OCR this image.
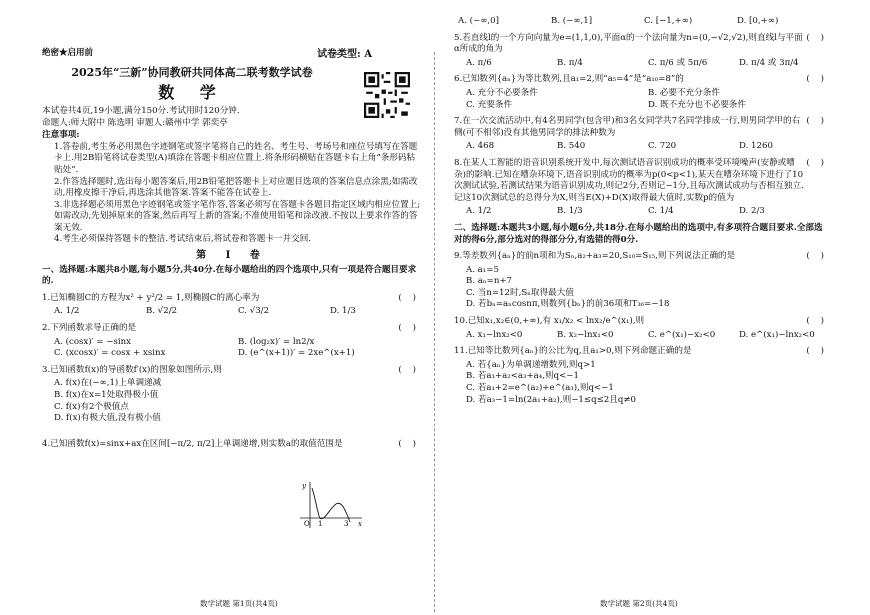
绝密★启用前	试卷类型: A
2025年“三新”协同教研共同体高二联考数学试卷
数 学
本试卷共4页,19小题,满分150分.考试用时120分钟.
命题人:师大附中 陈选明 审题人:赣州中学 郭奕亭
注意事项:
1.答卷前,考生务必用黑色字迹钢笔或签字笔将自己的姓名、考生号、考场号和座位号填写在答题卡上.用2B铅笔将试卷类型(A)填涂在答题卡相应位置上.将条形码横贴在答题卡右上角“条形码粘贴处”.
2.作答选择题时,选出每小题答案后,用2B铅笔把答题卡上对应题目选项的答案信息点涂黑;如需改动,用橡皮擦干净后,再选涂其他答案.答案不能答在试卷上.
3.非选择题必须用黑色字迹钢笔或签字笔作答,答案必须写在答题卡各题目指定区域内相应位置上;如需改动,先划掉原来的答案,然后再写上新的答案;不准使用铅笔和涂改液.不按以上要求作答的答案无效.
4.考生必须保持答题卡的整洁.考试结束后,将试卷和答题卡一并交回.
第 Ⅰ 卷
一、选择题:本题共8小题,每小题5分,共40分.在每小题给出的四个选项中,只有一项是符合题目要求的.
1.已知椭圆C的方程为x² + y²/2 = 1,则椭圆C的离心率为	(    )
A. 1/2	B. √2/2	C. √3/2	D. 1/3
2.下列函数求导正确的是	(    )
A. (cosx)′ = −sinx	B. (log₂x)′ = ln2/x
C. (xcosx)′ = cosx + xsinx	D. (e^(x+1))′ = 2xe^(x+1)
3.已知函数f(x)的导函数f′(x)的图象如图所示,则	(    )
A. f(x)在(−∞,1)上单调递减
B. f(x)在x=1处取得极小值
C. f(x)有2个极值点
D. f(x)有极大值,没有极小值
4.已知函数f(x)=sinx+ax在区间[−π/2, π/2]上单调递增,则实数a的取值范围是	(    )
数学试题 第1页(共4页)
y
O 1	3 x
A. (−∞,0]	B. (−∞,1]	C. [−1,+∞)	D. [0,+∞)
5.若直线l的一个方向向量为e=(1,1,0),平面α的一个法向量为n=(0,−√2,√2),则直线l与平面α所成的角为
(    )
A. π/6	B. π/4	C. π/6 或 5π/6	D. π/4 或 3π/4
6.已知数列{aₙ}为等比数列,且a₁=2,则“a₅=4”是“a₁₀=8”的	(    )
A. 充分不必要条件	B. 必要不充分条件
C. 充要条件	D. 既不充分也不必要条件
7.在一次交流活动中,有4名男同学(包含甲)和3名女同学共7名同学排成一行,则男同学甲的右侧(可不相邻)没有其他男同学的排法种数为
(    )
A. 468	B. 540	C. 720	D. 1260
8.在某人工智能的语音识别系统开发中,每次测试语音识别成功的概率受环境噪声(安静或嘈杂)的影响.已知在嘈杂环境下,语音识别成功的概率为p(0<p<1),某天在嘈杂环境下进行了10次测试试验,若测试结果为语音识别成功,则记2分,否则记−1分,且每次测试成功与否相互独立.记这10次测试总的总得分为X,则当E(X)+D(X)取得最大值时,实数p的值为
(    )
A. 1/2	B. 1/3	C. 1/4	D. 2/3
二、选择题:本题共3小题,每小题6分,共18分.在每小题给出的选项中,有多项符合题目要求.全部选对的得6分,部分选对的得部分分,有选错的得0分.
9.等差数列{aₙ}的前n项和为Sₙ,a₂+a₃=20,S₁₀=S₁₅,则下列说法正确的是	(    )
A. a₁=5
B. aₙ=n+7
C. 当n=12时,Sₙ取得最大值
D. 若bₙ=aₙcosnπ,则数列{bₙ}的前36项和T₃₆=−18
10.已知x₁,x₂∈(0,+∞),有 x₁/x₂ < lnx₂/e^(x₁),则	(    )
A. x₁−lnx₂<0	B. x₂−lnx₁<0	C. e^(x₁)−x₂<0	D. e^(x₁)−lnx₂<0
11.已知等比数列{aₙ}的公比为q,且a₁>0,则下列命题正确的是	(    )
A. 若{aₙ}为单调递增数列,则q>1
B. 若a₁+a₂<a₃+a₄,则q<−1
C. 若a₁+2=e^(a₂)+e^(a₃),则q<−1
D. 若a₃−1=ln(2a₁+a₂),则−1≤q≤2且q≠0
数学试题 第2页(共4页)
